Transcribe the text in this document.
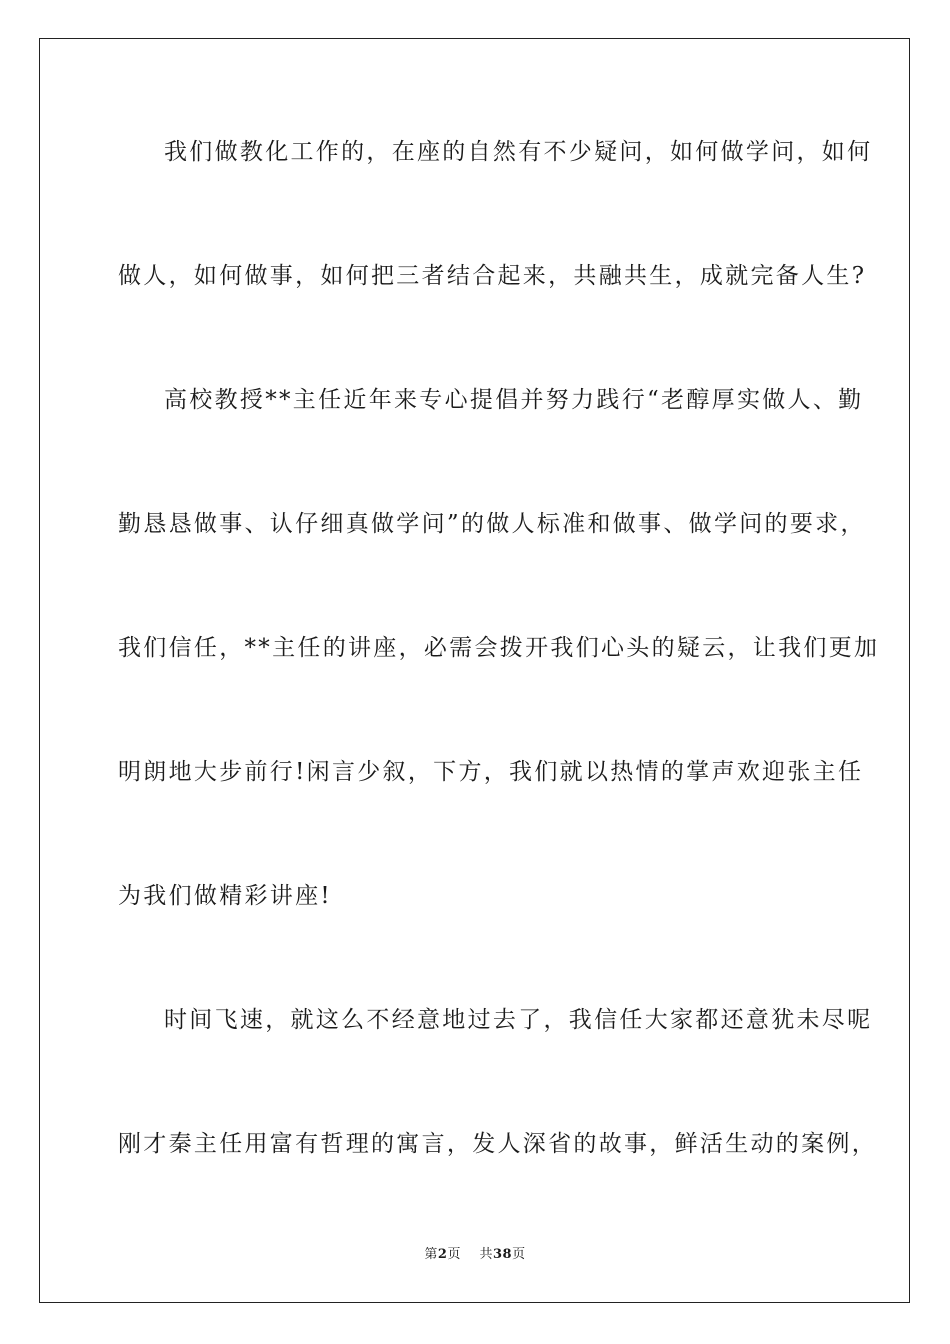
我们做教化工作的，在座的自然有不少疑问，如何做学问，如何
做人，如何做事，如何把三者结合起来，共融共生，成就完备人生?
高校教授**主任近年来专心提倡并努力践行“老醇厚实做人、勤
勤恳恳做事、认仔细真做学问”的做人标准和做事、做学问的要求，
我们信任，**主任的讲座，必需会拨开我们心头的疑云，让我们更加
明朗地大步前行!闲言少叙，下方，我们就以热情的掌声欢迎张主任
为我们做精彩讲座!
时间飞速，就这么不经意地过去了，我信任大家都还意犹未尽呢
刚才秦主任用富有哲理的寓言，发人深省的故事，鲜活生动的案例，
第2页 共38页
